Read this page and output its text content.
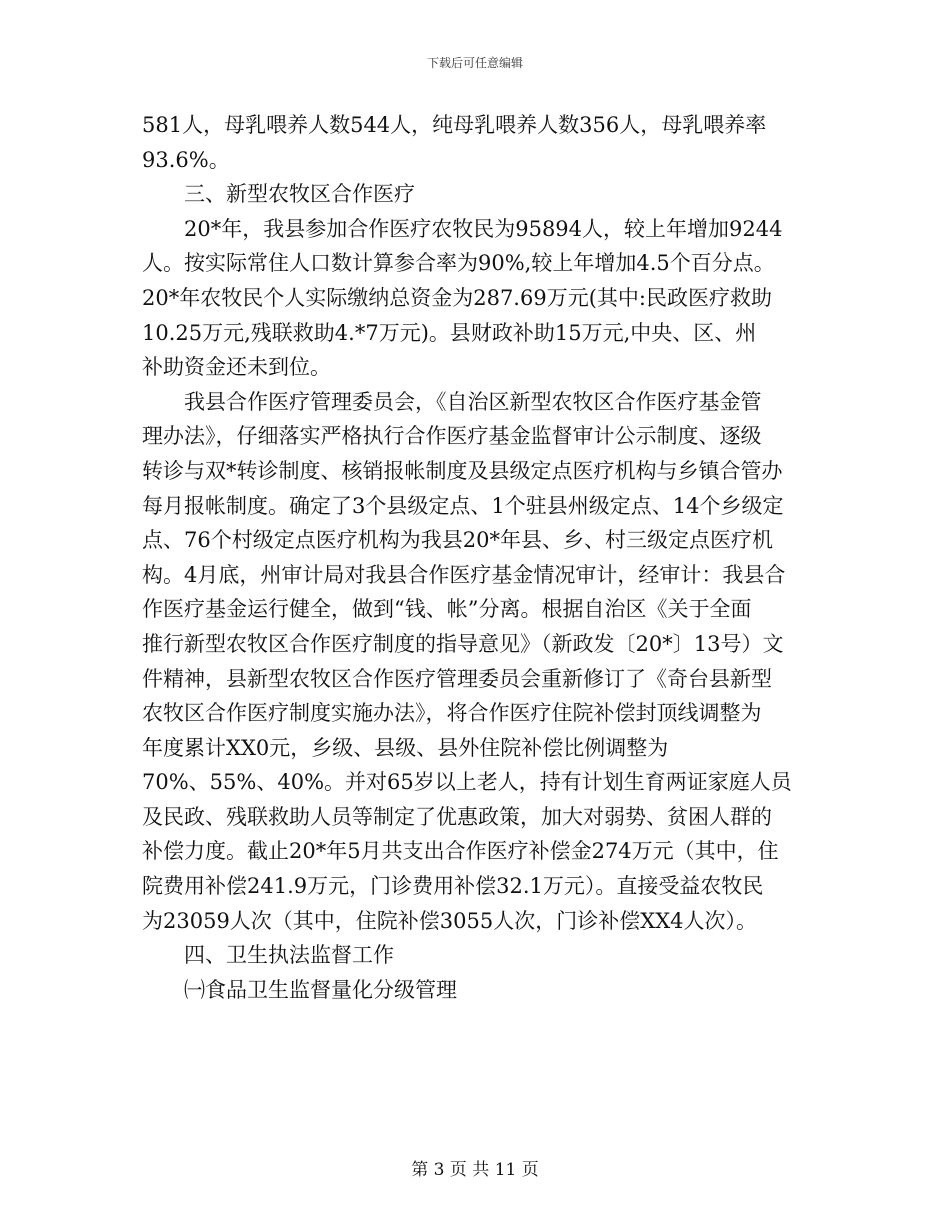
下载后可任意编辑
581人，母乳喂养人数544人，纯母乳喂养人数356人，母乳喂养率
93.6%。
三、新型农牧区合作医疗
20*年，我县参加合作医疗农牧民为95894人，较上年增加9244
人。按实际常住人口数计算参合率为90%,较上年增加4.5个百分点。
20*年农牧民个人实际缴纳总资金为287.69万元(其中:民政医疗救助
10.25万元,残联救助4.*7万元)。县财政补助15万元,中央、区、州
补助资金还未到位。
我县合作医疗管理委员会，《自治区新型农牧区合作医疗基金管
理办法》，仔细落实严格执行合作医疗基金监督审计公示制度、逐级
转诊与双*转诊制度、核销报帐制度及县级定点医疗机构与乡镇合管办
每月报帐制度。确定了3个县级定点、1个驻县州级定点、14个乡级定
点、76个村级定点医疗机构为我县20*年县、乡、村三级定点医疗机
构。4月底，州审计局对我县合作医疗基金情况审计，经审计：我县合
作医疗基金运行健全，做到“钱、帐”分离。根据自治区《关于全面
推行新型农牧区合作医疗制度的指导意见》（新政发〔20*〕13号）文
件精神，县新型农牧区合作医疗管理委员会重新修订了《奇台县新型
农牧区合作医疗制度实施办法》，将合作医疗住院补偿封顶线调整为
年度累计XX0元，乡级、县级、县外住院补偿比例调整为
70%、55%、40%。并对65岁以上老人，持有计划生育两证家庭人员
及民政、残联救助人员等制定了优惠政策，加大对弱势、贫困人群的
补偿力度。截止20*年5月共支出合作医疗补偿金274万元（其中，住
院费用补偿241.9万元，门诊费用补偿32.1万元）。直接受益农牧民
为23059人次（其中，住院补偿3055人次，门诊补偿XX4人次）。
四、卫生执法监督工作
㈠食品卫生监督量化分级管理
第 3 页 共 11 页
